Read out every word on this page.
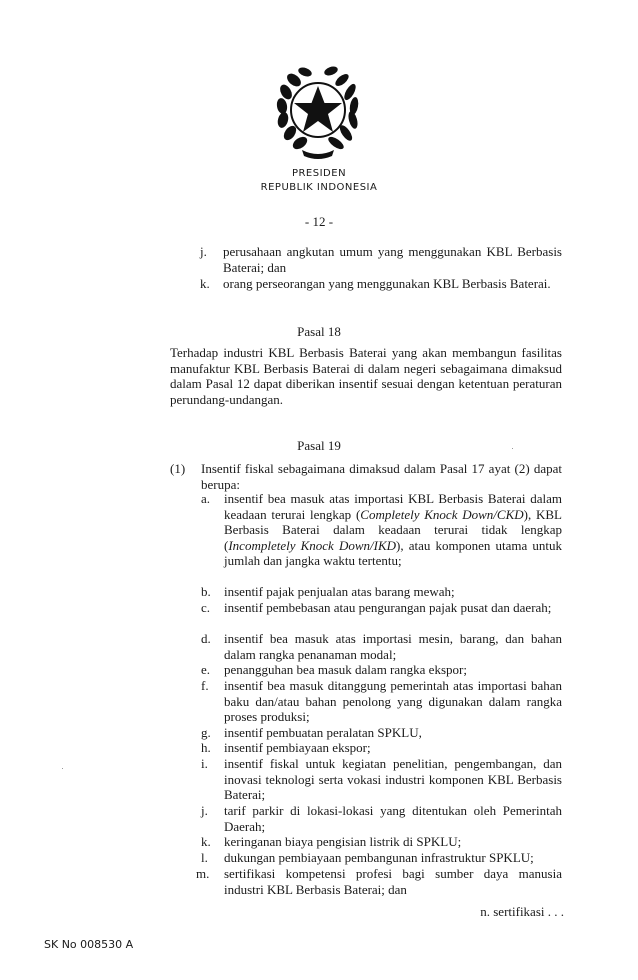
PRESIDEN
REPUBLIK INDONESIA
- 12 -
j. perusahaan angkutan umum yang menggunakan KBL Berbasis Baterai; dan
k. orang perseorangan yang menggunakan KBL Berbasis Baterai.
Pasal 18
Terhadap industri KBL Berbasis Baterai yang akan membangun fasilitas manufaktur KBL Berbasis Baterai di dalam negeri sebagaimana dimaksud dalam Pasal 12 dapat diberikan insentif sesuai dengan ketentuan peraturan perundang-undangan.
Pasal 19
(1) Insentif fiskal sebagaimana dimaksud dalam Pasal 17 ayat (2) dapat berupa:
a. insentif bea masuk atas importasi KBL Berbasis Baterai dalam keadaan terurai lengkap (Completely Knock Down/CKD), KBL Berbasis Baterai dalam keadaan terurai tidak lengkap (Incompletely Knock Down/IKD), atau komponen utama untuk jumlah dan jangka waktu tertentu;
b. insentif pajak penjualan atas barang mewah;
c. insentif pembebasan atau pengurangan pajak pusat dan daerah;
d. insentif bea masuk atas importasi mesin, barang, dan bahan dalam rangka penanaman modal;
e. penangguhan bea masuk dalam rangka ekspor;
f. insentif bea masuk ditanggung pemerintah atas importasi bahan baku dan/atau bahan penolong yang digunakan dalam rangka proses produksi;
g. insentif pembuatan peralatan SPKLU,
h. insentif pembiayaan ekspor;
i. insentif fiskal untuk kegiatan penelitian, pengembangan, dan inovasi teknologi serta vokasi industri komponen KBL Berbasis Baterai;
j. tarif parkir di lokasi-lokasi yang ditentukan oleh Pemerintah Daerah;
k. keringanan biaya pengisian listrik di SPKLU;
l. dukungan pembiayaan pembangunan infrastruktur SPKLU;
m. sertifikasi kompetensi profesi bagi sumber daya manusia industri KBL Berbasis Baterai; dan
n. sertifikasi . . .
SK No 008530 A
